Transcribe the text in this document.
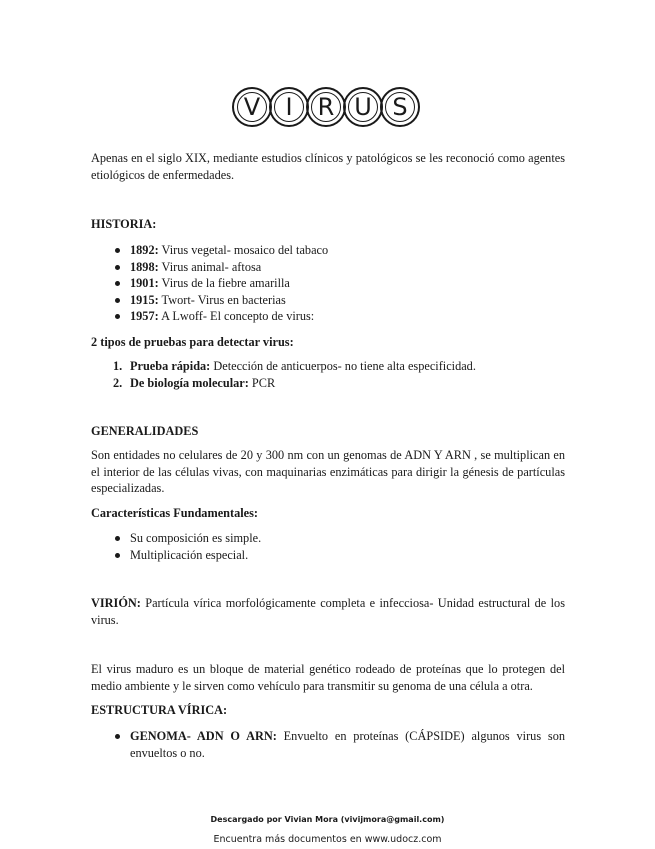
V	I	R U S

Apenas en el siglo XIX, mediante estudios clínicos y patológicos se les reconoció como agentes etiológicos de enfermedades.

HISTORIA:

1892: Virus vegetal- mosaico del tabaco
1898: Virus animal- aftosa
1901: Virus de la fiebre amarilla
1915: Twort- Virus en bacterias
1957: A Lwoff- El concepto de virus:

2 tipos de pruebas para detectar virus:

1. Prueba rápida: Detección de anticuerpos- no tiene alta especificidad.
2. De biología molecular: PCR

GENERALIDADES

Son entidades no celulares de 20 y 300 nm con un genomas de ADN Y ARN , se multiplican en el interior de las células vivas, con maquinarias enzimáticas para dirigir la génesis de partículas especializadas.

Características Fundamentales:

Su composición es simple.
Multiplicación especial.

VIRIÓN: Partícula vírica morfológicamente completa e infecciosa- Unidad estructural de los virus.

El virus maduro es un bloque de material genético rodeado de proteínas que lo protegen del medio ambiente y le sirven como vehículo para transmitir su genoma de una célula a otra.

ESTRUCTURA VÍRICA:

GENOMA- ADN O ARN: Envuelto en proteínas (CÁPSIDE) algunos virus son envueltos o no.
Descargado por Vivian Mora (vivijmora@gmail.com)
Encuentra más documentos en www.udocz.com
